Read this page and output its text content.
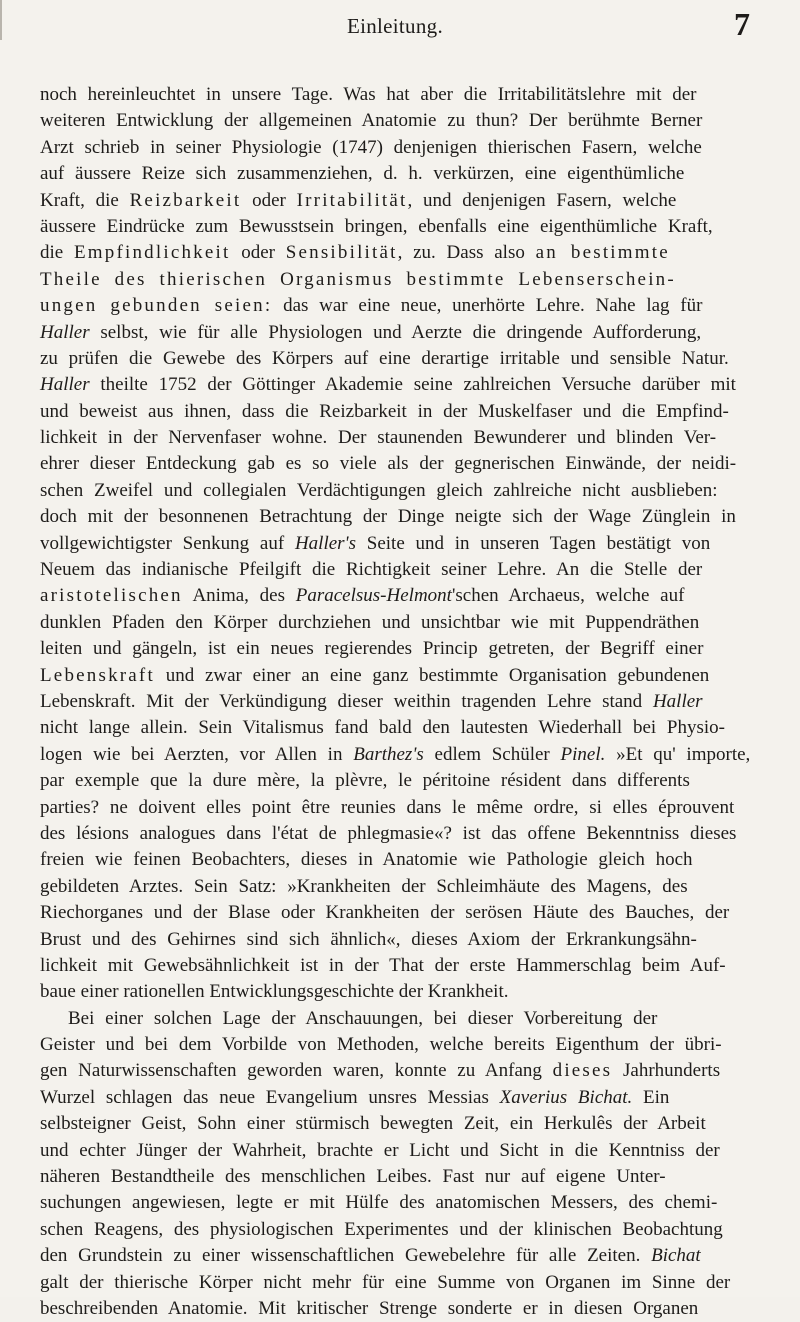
Einleitung.	7
noch hereinleuchtet in unsere Tage. Was hat aber die Irritabilitätslehre mit der
weiteren Entwicklung der allgemeinen Anatomie zu thun? Der berühmte Berner
Arzt schrieb in seiner Physiologie (1747) denjenigen thierischen Fasern, welche
auf äussere Reize sich zusammenziehen, d. h. verkürzen, eine eigenthümliche
Kraft, die Reizbarkeit oder Irritabilität, und denjenigen Fasern, welche
äussere Eindrücke zum Bewusstsein bringen, ebenfalls eine eigenthümliche Kraft,
die Empfindlichkeit oder Sensibilität, zu. Dass also an bestimmte
Theile des thierischen Organismus bestimmte Lebenserschein-
ungen gebunden seien: das war eine neue, unerhörte Lehre. Nahe lag für
Haller selbst, wie für alle Physiologen und Aerzte die dringende Aufforderung,
zu prüfen die Gewebe des Körpers auf eine derartige irritable und sensible Natur.
Haller theilte 1752 der Göttinger Akademie seine zahlreichen Versuche darüber mit
und beweist aus ihnen, dass die Reizbarkeit in der Muskelfaser und die Empfind-
lichkeit in der Nervenfaser wohne. Der staunenden Bewunderer und blinden Ver-
ehrer dieser Entdeckung gab es so viele als der gegnerischen Einwände, der neidi-
schen Zweifel und collegialen Verdächtigungen gleich zahlreiche nicht ausblieben:
doch mit der besonnenen Betrachtung der Dinge neigte sich der Wage Zünglein in
vollgewichtigster Senkung auf Haller's Seite und in unseren Tagen bestätigt von
Neuem das indianische Pfeilgift die Richtigkeit seiner Lehre. An die Stelle der
aristotelischen Anima, des Paracelsus-Helmont'schen Archaeus, welche auf
dunklen Pfaden den Körper durchziehen und unsichtbar wie mit Puppendräthen
leiten und gängeln, ist ein neues regierendes Princip getreten, der Begriff einer
Lebenskraft und zwar einer an eine ganz bestimmte Organisation gebundenen
Lebenskraft. Mit der Verkündigung dieser weithin tragenden Lehre stand Haller
nicht lange allein. Sein Vitalismus fand bald den lautesten Wiederhall bei Physio-
logen wie bei Aerzten, vor Allen in Barthez's edlem Schüler Pinel. »Et qu' importe,
par exemple que la dure mère, la plèvre, le péritoine résident dans differents
parties? ne doivent elles point être reunies dans le même ordre, si elles éprouvent
des lésions analogues dans l'état de phlegmasie«? ist das offene Bekenntniss dieses
freien wie feinen Beobachters, dieses in Anatomie wie Pathologie gleich hoch
gebildeten Arztes. Sein Satz: »Krankheiten der Schleimhäute des Magens, des
Riechorganes und der Blase oder Krankheiten der serösen Häute des Bauches, der
Brust und des Gehirnes sind sich ähnlich«, dieses Axiom der Erkrankungsähn-
lichkeit mit Gewebsähnlichkeit ist in der That der erste Hammerschlag beim Auf-
baue einer rationellen Entwicklungsgeschichte der Krankheit.
Bei einer solchen Lage der Anschauungen, bei dieser Vorbereitung der
Geister und bei dem Vorbilde von Methoden, welche bereits Eigenthum der übri-
gen Naturwissenschaften geworden waren, konnte zu Anfang dieses Jahrhunderts
Wurzel schlagen das neue Evangelium unsres Messias Xaverius Bichat. Ein
selbsteigner Geist, Sohn einer stürmisch bewegten Zeit, ein Herkulês der Arbeit
und echter Jünger der Wahrheit, brachte er Licht und Sicht in die Kenntniss der
näheren Bestandtheile des menschlichen Leibes. Fast nur auf eigene Unter-
suchungen angewiesen, legte er mit Hülfe des anatomischen Messers, des chemi-
schen Reagens, des physiologischen Experimentes und der klinischen Beobachtung
den Grundstein zu einer wissenschaftlichen Gewebelehre für alle Zeiten. Bichat
galt der thierische Körper nicht mehr für eine Summe von Organen im Sinne der
beschreibenden Anatomie. Mit kritischer Strenge sonderte er in diesen Organen
